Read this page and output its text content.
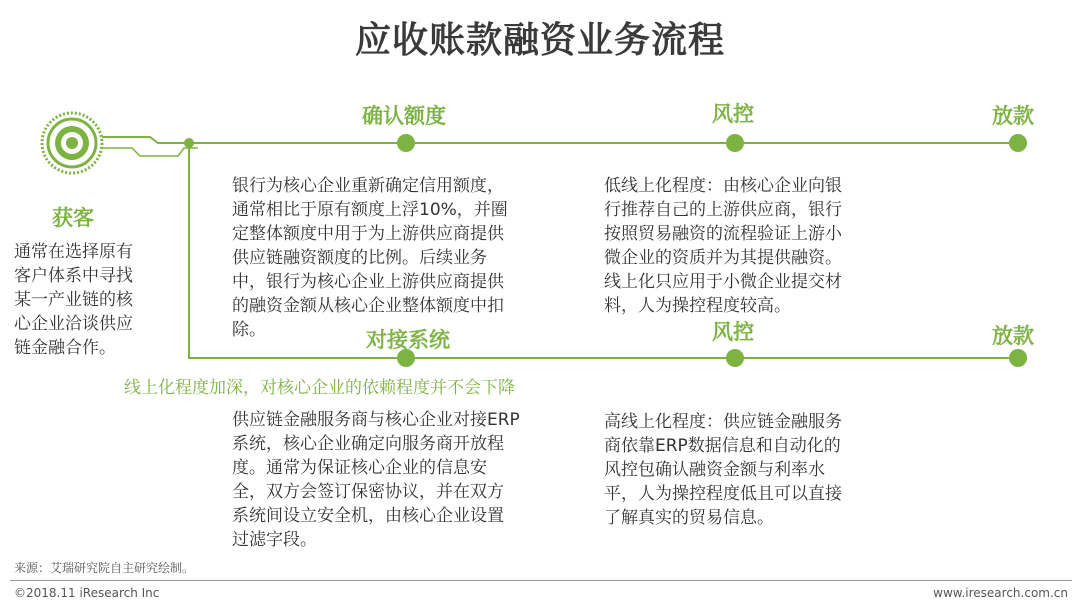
应收账款融资业务流程
获客
通常在选择原有
客户体系中寻找
某一产业链的核
心企业洽谈供应
链金融合作。
确认额度	风控	放款
银行为核心企业重新确定信用额度，
通常相比于原有额度上浮10%，并圈
定整体额度中用于为上游供应商提供
供应链融资额度的比例。后续业务
中，银行为核心企业上游供应商提供
的融资金额从核心企业整体额度中扣
除。
低线上化程度：由核心企业向银
行推荐自己的上游供应商，银行
按照贸易融资的流程验证上游小
微企业的资质并为其提供融资。
线上化只应用于小微企业提交材
料，人为操控程度较高。
对接系统	风控	放款
线上化程度加深，对核心企业的依赖程度并不会下降
供应链金融服务商与核心企业对接ERP
系统，核心企业确定向服务商开放程
度。通常为保证核心企业的信息安
全，双方会签订保密协议，并在双方
系统间设立安全机，由核心企业设置
过滤字段。
高线上化程度：供应链金融服务
商依靠ERP数据信息和自动化的
风控包确认融资金额与利率水
平，人为操控程度低且可以直接
了解真实的贸易信息。
来源：艾瑞研究院自主研究绘制。
©2018.11 iResearch Inc	www.iresearch.com.cn
